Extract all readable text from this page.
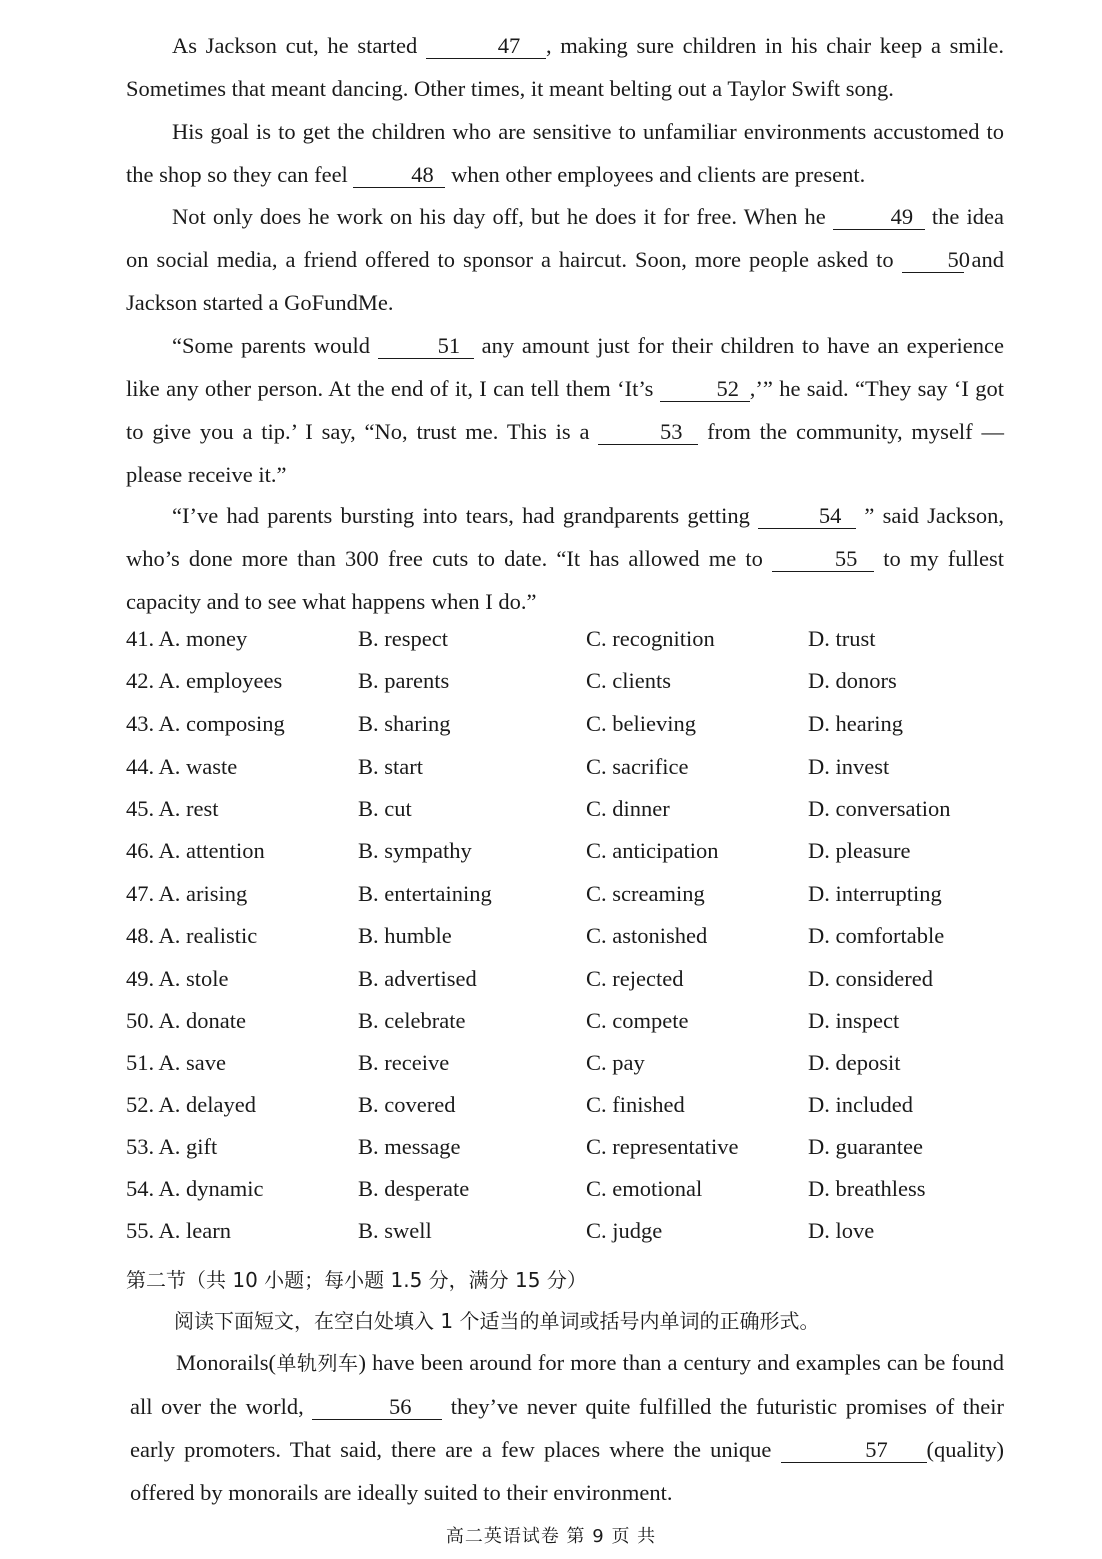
As Jackson cut, he started	47 , making sure children in his chair keep a smile. Sometimes that meant dancing. Other times, it meant belting out a Taylor Swift song.

His goal is to get the children who are sensitive to unfamiliar environments accustomed to the shop so they can feel	48 when other employees and clients are present.

Not only does he work on his day off, but he does it for free. When he	49 the idea on social media, a friend offered to sponsor a haircut. Soon, more people asked to 50 and Jackson started a GoFundMe.

“Some parents would	51 any amount just for their children to have an experience like any other person. At the end of it, I can tell them ‘It’s	52 ,’” he said. “They say ‘I got to give you a tip.’ I say, “No, trust me. This is a	53 from the community, myself — please receive it.”

“I’ve had parents bursting into tears, had grandparents getting	54 ” said Jackson, who’s done more than 300 free cuts to date. “It has allowed me to	55 to my fullest capacity and to see what happens when I do.”

41. A. money	B. respect	C. recognition	D. trust
42. A. employees	B. parents	C. clients	D. donors
43. A. composing	B. sharing	C. believing	D. hearing
44. A. waste	B. start	C. sacrifice	D. invest
45. A. rest	B. cut	C. dinner	D. conversation
46. A. attention	B. sympathy	C. anticipation	D. pleasure
47. A. arising	B. entertaining	C. screaming	D. interrupting
48. A. realistic	B. humble	C. astonished	D. comfortable
49. A. stole	B. advertised	C. rejected	D. considered
50. A. donate	B. celebrate	C. compete	D. inspect
51. A. save	B. receive	C. pay	D. deposit
52. A. delayed	B. covered	C. finished	D. included
53. A. gift	B. message	C. representative	D. guarantee
54. A. dynamic	B. desperate	C. emotional	D. breathless
55. A. learn	B. swell	C. judge	D. love
第二节（共 10 小题；每小题 1.5 分，满分 15 分）
阅读下面短文，在空白处填入 1 个适当的单词或括号内单词的正确形式。

Monorails(单轨列车) have been around for more than a century and examples can be found all over the world,	56 they’ve never quite fulfilled the futuristic promises of their early promoters. That said, there are a few places where the unique	57 (quality) offered by monorails are ideally suited to their environment.

高二英语试卷 第 9 页 共
